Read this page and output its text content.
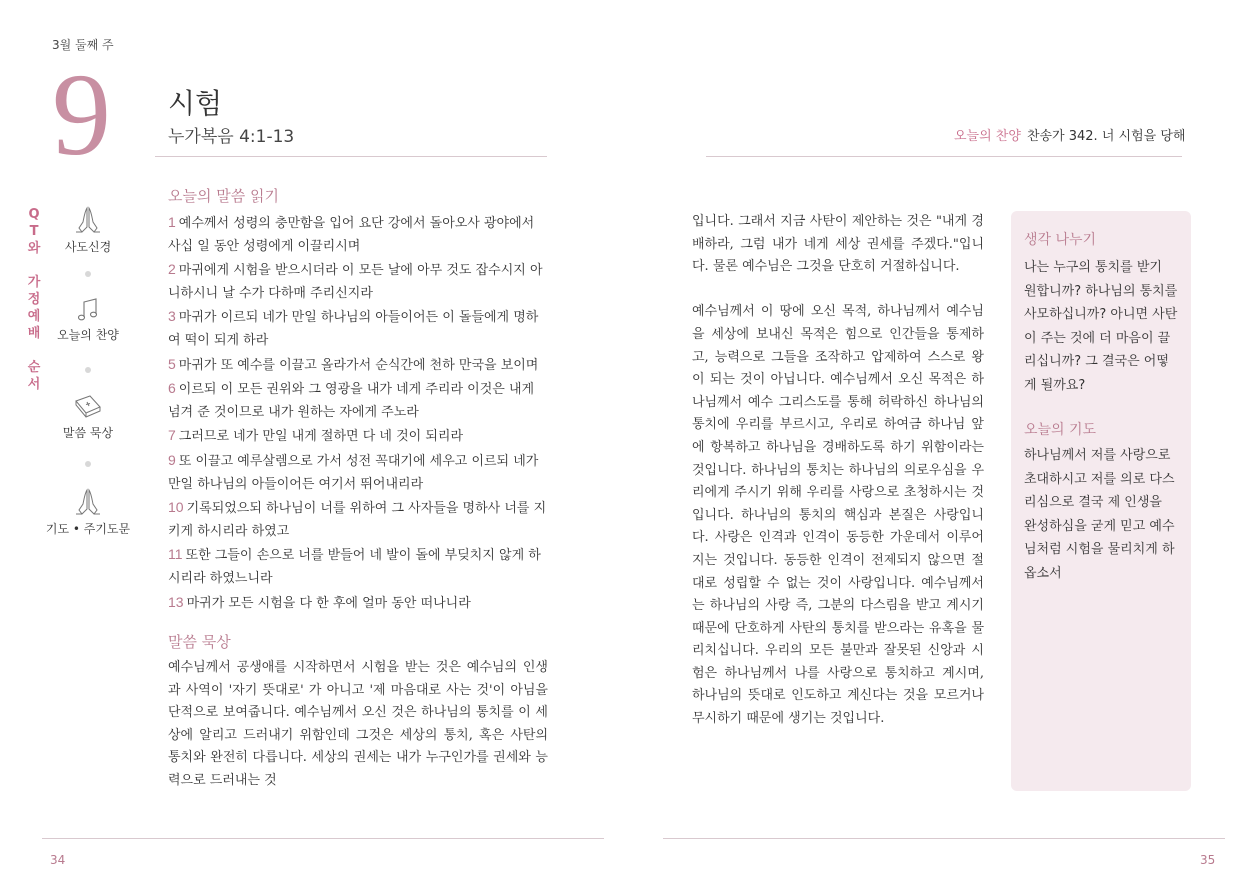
3월 둘째 주
9 시험
누가복음 4:1-13
Q
T
와
가
정
예
배
순
서
사도신경
오늘의 찬양
말씀 묵상
기도 • 주기도문
오늘의 말씀 읽기
1 예수께서 성령의 충만함을 입어 요단 강에서 돌아오사 광야에서 사십 일 동안 성령에게 이끌리시며
2 마귀에게 시험을 받으시더라 이 모든 날에 아무 것도 잡수시지 아니하시니 날 수가 다하매 주리신지라
3 마귀가 이르되 네가 만일 하나님의 아들이어든 이 돌들에게 명하여 떡이 되게 하라
5 마귀가 또 예수를 이끌고 올라가서 순식간에 천하 만국을 보이며
6 이르되 이 모든 권위와 그 영광을 내가 네게 주리라 이것은 내게 넘겨 준 것이므로 내가 원하는 자에게 주노라
7 그러므로 네가 만일 내게 절하면 다 네 것이 되리라
9 또 이끌고 예루살렘으로 가서 성전 꼭대기에 세우고 이르되 네가 만일 하나님의 아들이어든 여기서 뛰어내리라
10 기록되었으되 하나님이 너를 위하여 그 사자들을 명하사 너를 지키게 하시리라 하였고
11 또한 그들이 손으로 너를 받들어 네 발이 돌에 부딪치지 않게 하시리라 하였느니라
13 마귀가 모든 시험을 다 한 후에 얼마 동안 떠나니라
말씀 묵상
예수님께서 공생애를 시작하면서 시험을 받는 것은 예수님의 인생과 사역이 '자기 뜻대로' 가 아니고 '제 마음대로 사는 것'이 아님을 단적으로 보여줍니다. 예수님께서 오신 것은 하나님의 통치를 이 세상에 알리고 드러내기 위함인데 그것은 세상의 통치, 혹은 사탄의 통치와 완전히 다릅니다. 세상의 권세는 내가 누구인가를 권세와 능력으로 드러내는 것
34
오늘의 찬양 찬송가 342. 너 시험을 당해

입니다. 그래서 지금 사탄이 제안하는 것은 "내게 경배하라, 그럼 내가 네게 세상 권세를 주겠다."입니다. 물론 예수님은 그것을 단호히 거절하십니다.

예수님께서 이 땅에 오신 목적, 하나님께서 예수님을 세상에 보내신 목적은 힘으로 인간들을 통제하고, 능력으로 그들을 조작하고 압제하여 스스로 왕이 되는 것이 아닙니다. 예수님께서 오신 목적은 하나님께서 예수 그리스도를 통해 허락하신 하나님의 통치에 우리를 부르시고, 우리로 하여금 하나님 앞에 항복하고 하나님을 경배하도록 하기 위함이라는 것입니다. 하나님의 통치는 하나님의 의로우심을 우리에게 주시기 위해 우리를 사랑으로 초청하시는 것입니다. 하나님의 통치의 핵심과 본질은 사랑입니다. 사랑은 인격과 인격이 동등한 가운데서 이루어지는 것입니다. 동등한 인격이 전제되지 않으면 절대로 성립할 수 없는 것이 사랑입니다. 예수님께서는 하나님의 사랑 즉, 그분의 다스림을 받고 계시기 때문에 단호하게 사탄의 통치를 받으라는 유혹을 물리치십니다. 우리의 모든 불만과 잘못된 신앙과 시험은 하나님께서 나를 사랑으로 통치하고 계시며, 하나님의 뜻대로 인도하고 계신다는 것을 모르거나 무시하기 때문에 생기는 것입니다.

생각 나누기
나는 누구의 통치를 받기 원합니까? 하나님의 통치를 사모하십니까? 아니면 사탄이 주는 것에 더 마음이 끌리십니까? 그 결국은 어떻게 될까요?
오늘의 기도
하나님께서 저를 사랑으로 초대하시고 저를 의로 다스리심으로 결국 제 인생을 완성하심을 굳게 믿고 예수님처럼 시험을 물리치게 하옵소서
35
